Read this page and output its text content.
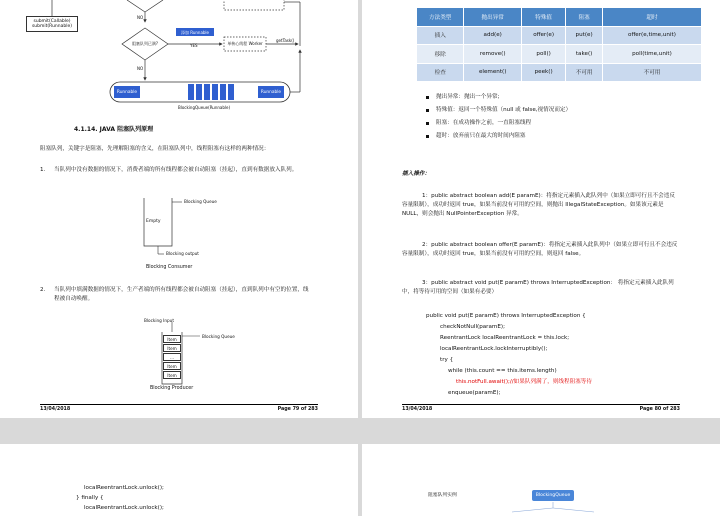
submit(Callable)
submit(Runnable)
NO
阻塞队列已满?	YES
NO
添加 Runnable
单核心线程 Worker
getTask()
Runnable	Runnable
BlockingQueue(Runnable)
4.1.14. JAVA 阻塞队列原理
阻塞队列，关键字是阻塞，先理解阻塞的含义，在阻塞队列中，线程阻塞有这样的两种情况：
1. 当队列中没有数据的情况下，消费者端的所有线程都会被自动阻塞（挂起），直到有数据放入队列。
Blocking Queue
Empty
Blocking output
Blocking Consumer
2. 当队列中填满数据的情况下，生产者端的所有线程都会被自动阻塞（挂起），直到队列中有空的位置，线程被自动唤醒。
Blocking Input
Blocking Queue
Item
Item
...
Item
Item
Blocking Producer
13/04/2018	Page 79 of 283	13/04/2018	Page 80 of 283
方法类型	抛出异常	特殊值	阻塞	超时
插入	add(e)	offer(e)	put(e)	offer(e,time,unit)
移除	remove()	poll()	take()	poll(time,unit)
检查	element()	peek()	不可用	不可用
抛出异常：抛出一个异常;
特殊值：返回一个特殊值（null 或 false,视情况而定）
阻塞：在成功操作之前，一直阻塞线程
超时：放弃前只在最大的时间内阻塞
插入操作：
1：public abstract boolean add(E paramE)：将指定元素插入此队列中（如果立即可行且不会违反容量限制），成功时返回 true，如果当前没有可用的空间，则抛出 IllegalStateException。如果该元素是 NULL，则会抛出 NullPointerException 异常。
2：public abstract boolean offer(E paramE)：将指定元素插入此队列中（如果立即可行且不会违反容量限制），成功时返回 true，如果当前没有可用的空间，则返回 false。
3：public abstract void put(E paramE) throws InterruptedException： 将指定元素插入此队列中，将等待可用的空间（如果有必要）
public void put(E paramE) throws InterruptedException {
checkNotNull(paramE);
ReentrantLock localReentrantLock = this.lock;
localReentrantLock.lockInterruptibly();
try {
while (this.count == this.items.length)
this.notFull.await();//如果队列满了，则线程阻塞等待
enqueue(paramE);
localReentrantLock.unlock();
} finally {
localReentrantLock.unlock();
阻塞队列实例	BlockingQueue
